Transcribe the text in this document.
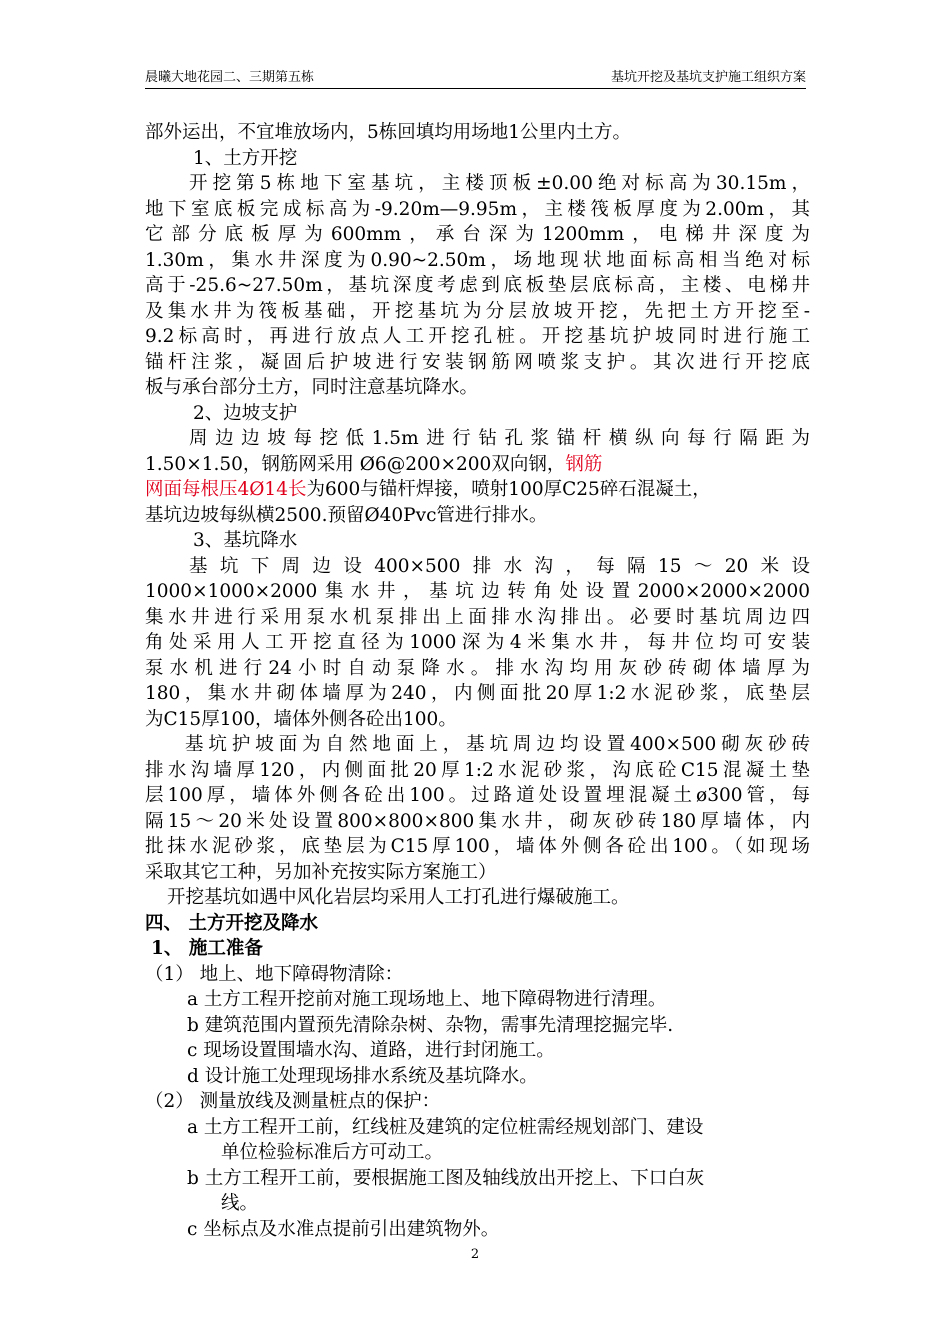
晨曦大地花园二、三期第五栋	基坑开挖及基坑支护施工组织方案
部外运出，不宜堆放场内，5栋回填均用场地1公里内土方。
1、土方开挖
开挖第5栋地下室基坑，主楼顶板±0.00绝对标高为30.15m，
地下室底板完成标高为-9.20m—9.95m，主楼筏板厚度为2.00m，其
它部分底板厚为600mm，承台深为1200mm，电梯井深度为
1.30m，集水井深度为0.90~2.50m，场地现状地面标高相当绝对标
高于-25.6~27.50m，基坑深度考虑到底板垫层底标高，主楼、电梯井
及集水井为筏板基础，开挖基坑为分层放坡开挖，先把土方开挖至-
9.2标高时，再进行放点人工开挖孔桩。开挖基坑护坡同时进行施工
锚杆注浆，凝固后护坡进行安装钢筋网喷浆支护。其次进行开挖底
板与承台部分土方，同时注意基坑降水。
2、边坡支护
周边边坡每挖低1.5m进行钻孔浆锚杆横纵向每行隔距为
1.50×1.50，钢筋网采用 Ø6@200×200双向钢，钢筋
网面每根压4Ø14长为600与锚杆焊接，喷射100厚C25碎石混凝土，
基坑边坡每纵横2500.预留Ø40Pvc管进行排水。
3、基坑降水
基坑下周边设400×500排水沟，每隔15～20米设
1000×1000×2000集水井，基坑边转角处设置2000×2000×2000
集水井进行采用泵水机泵排出上面排水沟排出。必要时基坑周边四
角处采用人工开挖直径为1000深为4米集水井，每井位均可安装
泵水机进行24小时自动泵降水。排水沟均用灰砂砖砌体墙厚为
180，集水井砌体墙厚为240，内侧面批20厚1:2水泥砂浆，底垫层
为C15厚100，墙体外侧各砼出100。
基坑护坡面为自然地面上，基坑周边均设置400×500砌灰砂砖
排水沟墙厚120，内侧面批20厚1:2水泥砂浆，沟底砼C15混凝土垫
层100厚，墙体外侧各砼出100。过路道处设置埋混凝土ø300管，每
隔15～20米处设置800×800×800集水井，砌灰砂砖180厚墙体，内
批抹水泥砂浆，底垫层为C15厚100，墙体外侧各砼出100。（如现场
采取其它工种，另加补充按实际方案施工）
开挖基坑如遇中风化岩层均采用人工打孔进行爆破施工。
四、 土方开挖及降水
1、 施工准备
（1） 地上、地下障碍物清除：
a 土方工程开挖前对施工现场地上、地下障碍物进行清理。
b 建筑范围内置预先清除杂树、杂物，需事先清理挖掘完毕.
c 现场设置围墙水沟、道路，进行封闭施工。
d 设计施工处理现场排水系统及基坑降水。
（2） 测量放线及测量桩点的保护：
a 土方工程开工前，红线桩及建筑的定位桩需经规划部门、建设
单位检验标准后方可动工。
b 土方工程开工前，要根据施工图及轴线放出开挖上、下口白灰
线。
c 坐标点及水准点提前引出建筑物外。
2
